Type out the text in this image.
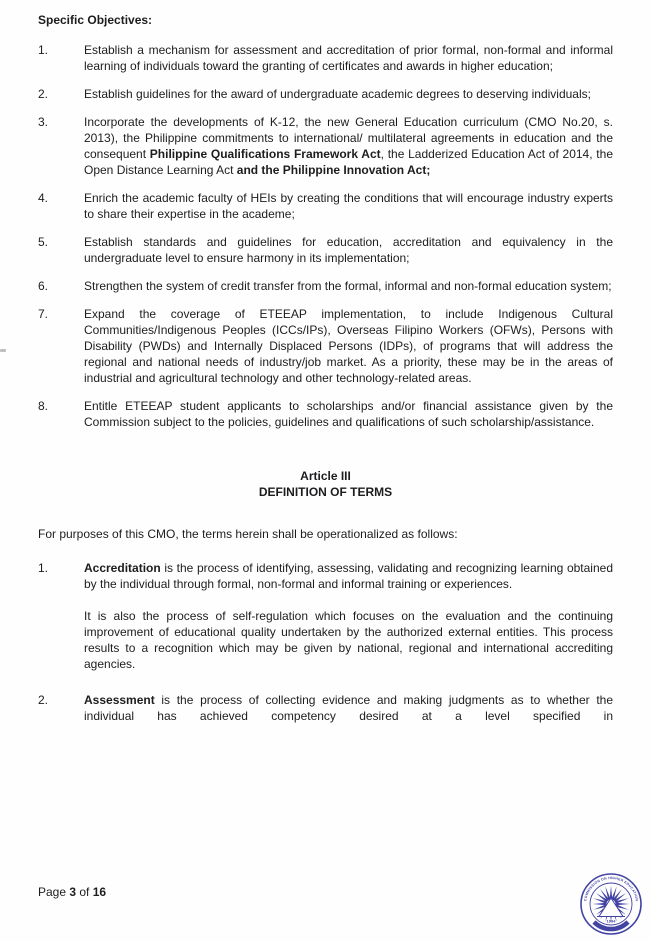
Specific Objectives:
1.	Establish a mechanism for assessment and accreditation of prior formal, non-formal and informal learning of individuals toward the granting of certificates and awards in higher education;
2.	Establish guidelines for the award of undergraduate academic degrees to deserving individuals;
3.	Incorporate the developments of K-12, the new General Education curriculum (CMO No.20, s. 2013), the Philippine commitments to international/ multilateral agreements in education and the consequent Philippine Qualifications Framework Act, the Ladderized Education Act of 2014, the Open Distance Learning Act and the Philippine Innovation Act;
4.	Enrich the academic faculty of HEIs by creating the conditions that will encourage industry experts to share their expertise in the academe;
5.	Establish standards and guidelines for education, accreditation and equivalency in the undergraduate level to ensure harmony in its implementation;
6.	Strengthen the system of credit transfer from the formal, informal and non-formal education system;
7.	Expand the coverage of ETEEAP implementation, to include Indigenous Cultural Communities/Indigenous Peoples (ICCs/IPs), Overseas Filipino Workers (OFWs), Persons with Disability (PWDs) and Internally Displaced Persons (IDPs), of programs that will address the regional and national needs of industry/job market. As a priority, these may be in the areas of industrial and agricultural technology and other technology-related areas.
8.	Entitle ETEEAP student applicants to scholarships and/or financial assistance given by the Commission subject to the policies, guidelines and qualifications of such scholarship/assistance.
Article III
DEFINITION OF TERMS

For purposes of this CMO, the terms herein shall be operationalized as follows:

1.	Accreditation is the process of identifying, assessing, validating and recognizing learning obtained by the individual through formal, non-formal and informal training or experiences.
It is also the process of self-regulation which focuses on the evaluation and the continuing improvement of educational quality undertaken by the authorized external entities. This process results to a recognition which may be given by national, regional and international accrediting agencies.
2.	Assessment is the process of collecting evidence and making judgments as to whether the individual has achieved competency desired at a level specified in
Page 3 of 16
COMMISSION ON HIGHER EDUCATION
1994
